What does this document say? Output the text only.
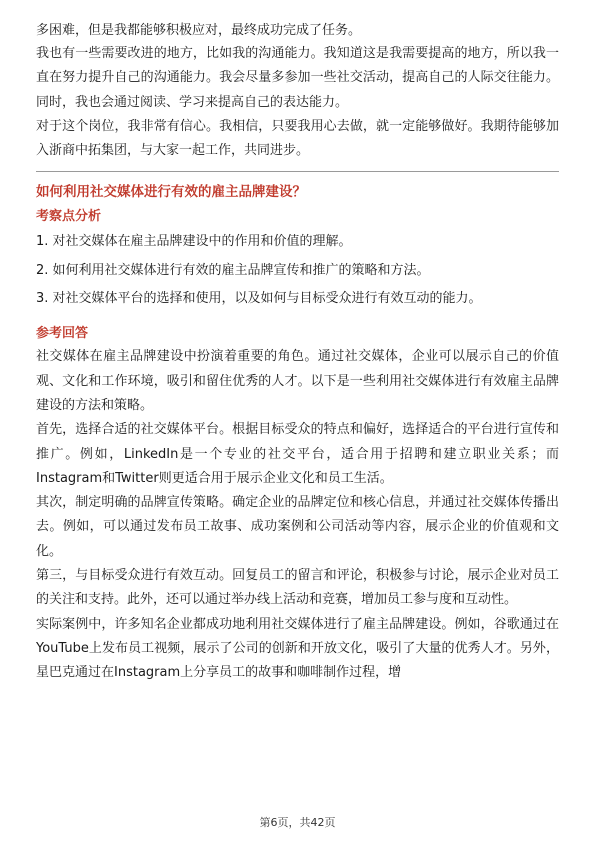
多困难，但是我都能够积极应对，最终成功完成了任务。

我也有一些需要改进的地方，比如我的沟通能力。我知道这是我需要提高的地方，所以我一直在努力提升自己的沟通能力。我会尽量多参加一些社交活动，提高自己的人际交往能力。同时，我也会通过阅读、学习来提高自己的表达能力。

对于这个岗位，我非常有信心。我相信，只要我用心去做，就一定能够做好。我期待能够加入浙商中拓集团，与大家一起工作，共同进步。

如何利用社交媒体进行有效的雇主品牌建设？
考察点分析
1. 对社交媒体在雇主品牌建设中的作用和价值的理解。
2. 如何利用社交媒体进行有效的雇主品牌宣传和推广的策略和方法。
3. 对社交媒体平台的选择和使用，以及如何与目标受众进行有效互动的能力。
参考回答

社交媒体在雇主品牌建设中扮演着重要的角色。通过社交媒体，企业可以展示自己的价值观、文化和工作环境，吸引和留住优秀的人才。以下是一些利用社交媒体进行有效雇主品牌建设的方法和策略。

首先，选择合适的社交媒体平台。根据目标受众的特点和偏好，选择适合的平台进行宣传和推广。例如，LinkedIn是一个专业的社交平台，适合用于招聘和建立职业关系；而Instagram和Twitter则更适合用于展示企业文化和员工生活。

其次，制定明确的品牌宣传策略。确定企业的品牌定位和核心信息，并通过社交媒体传播出去。例如，可以通过发布员工故事、成功案例和公司活动等内容，展示企业的价值观和文化。

第三，与目标受众进行有效互动。回复员工的留言和评论，积极参与讨论，展示企业对员工的关注和支持。此外，还可以通过举办线上活动和竞赛，增加员工参与度和互动性。

实际案例中，许多知名企业都成功地利用社交媒体进行了雇主品牌建设。例如，谷歌通过在YouTube上发布员工视频，展示了公司的创新和开放文化，吸引了大量的优秀人才。另外，星巴克通过在Instagram上分享员工的故事和咖啡制作过程，增

第6页，共42页
